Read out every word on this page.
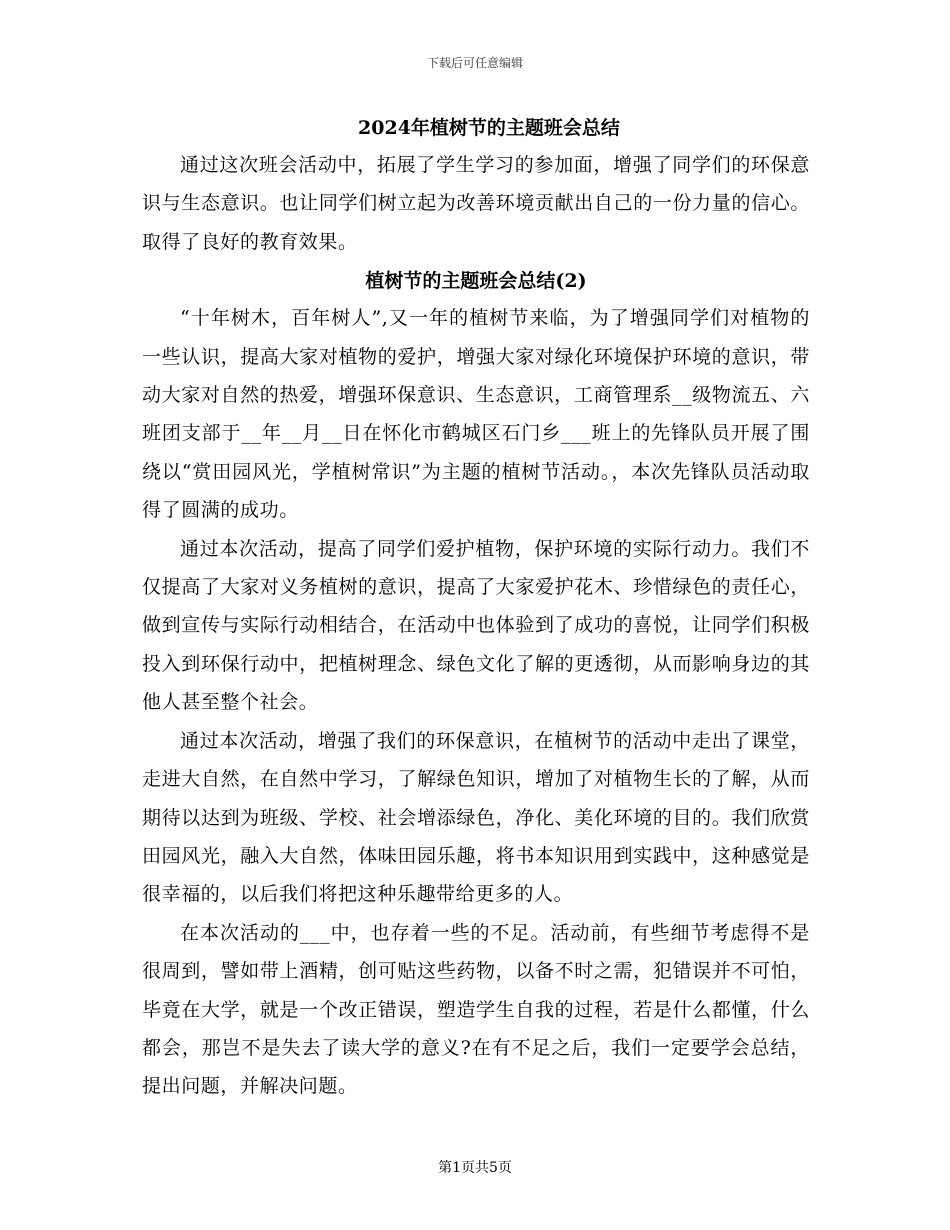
下载后可任意编辑
2024年植树节的主题班会总结

通过这次班会活动中，拓展了学生学习的参加面，增强了同学们的环保意识与生态意识。也让同学们树立起为改善环境贡献出自己的一份力量的信心。取得了良好的教育效果。

植树节的主题班会总结(2)

“十年树木，百年树人”,又一年的植树节来临，为了增强同学们对植物的一些认识，提高大家对植物的爱护，增强大家对绿化环境保护环境的意识，带动大家对自然的热爱，增强环保意识、生态意识，工商管理系__级物流五、六班团支部于__年__月__日在怀化市鹤城区石门乡___班上的先锋队员开展了围绕以“赏田园风光，学植树常识”为主题的植树节活动。，本次先锋队员活动取得了圆满的成功。

通过本次活动，提高了同学们爱护植物，保护环境的实际行动力。我们不仅提高了大家对义务植树的意识，提高了大家爱护花木、珍惜绿色的责任心，做到宣传与实际行动相结合，在活动中也体验到了成功的喜悦，让同学们积极投入到环保行动中，把植树理念、绿色文化了解的更透彻，从而影响身边的其他人甚至整个社会。

通过本次活动，增强了我们的环保意识，在植树节的活动中走出了课堂，走进大自然，在自然中学习，了解绿色知识，增加了对植物生长的了解，从而期待以达到为班级、学校、社会增添绿色，净化、美化环境的目的。我们欣赏田园风光，融入大自然，体味田园乐趣，将书本知识用到实践中，这种感觉是很幸福的，以后我们将把这种乐趣带给更多的人。

在本次活动的___中，也存着一些的不足。活动前，有些细节考虑得不是很周到，譬如带上酒精，创可贴这些药物，以备不时之需，犯错误并不可怕，毕竟在大学，就是一个改正错误，塑造学生自我的过程，若是什么都懂，什么都会，那岂不是失去了读大学的意义?在有不足之后，我们一定要学会总结，提出问题，并解决问题。

第1页共5页
